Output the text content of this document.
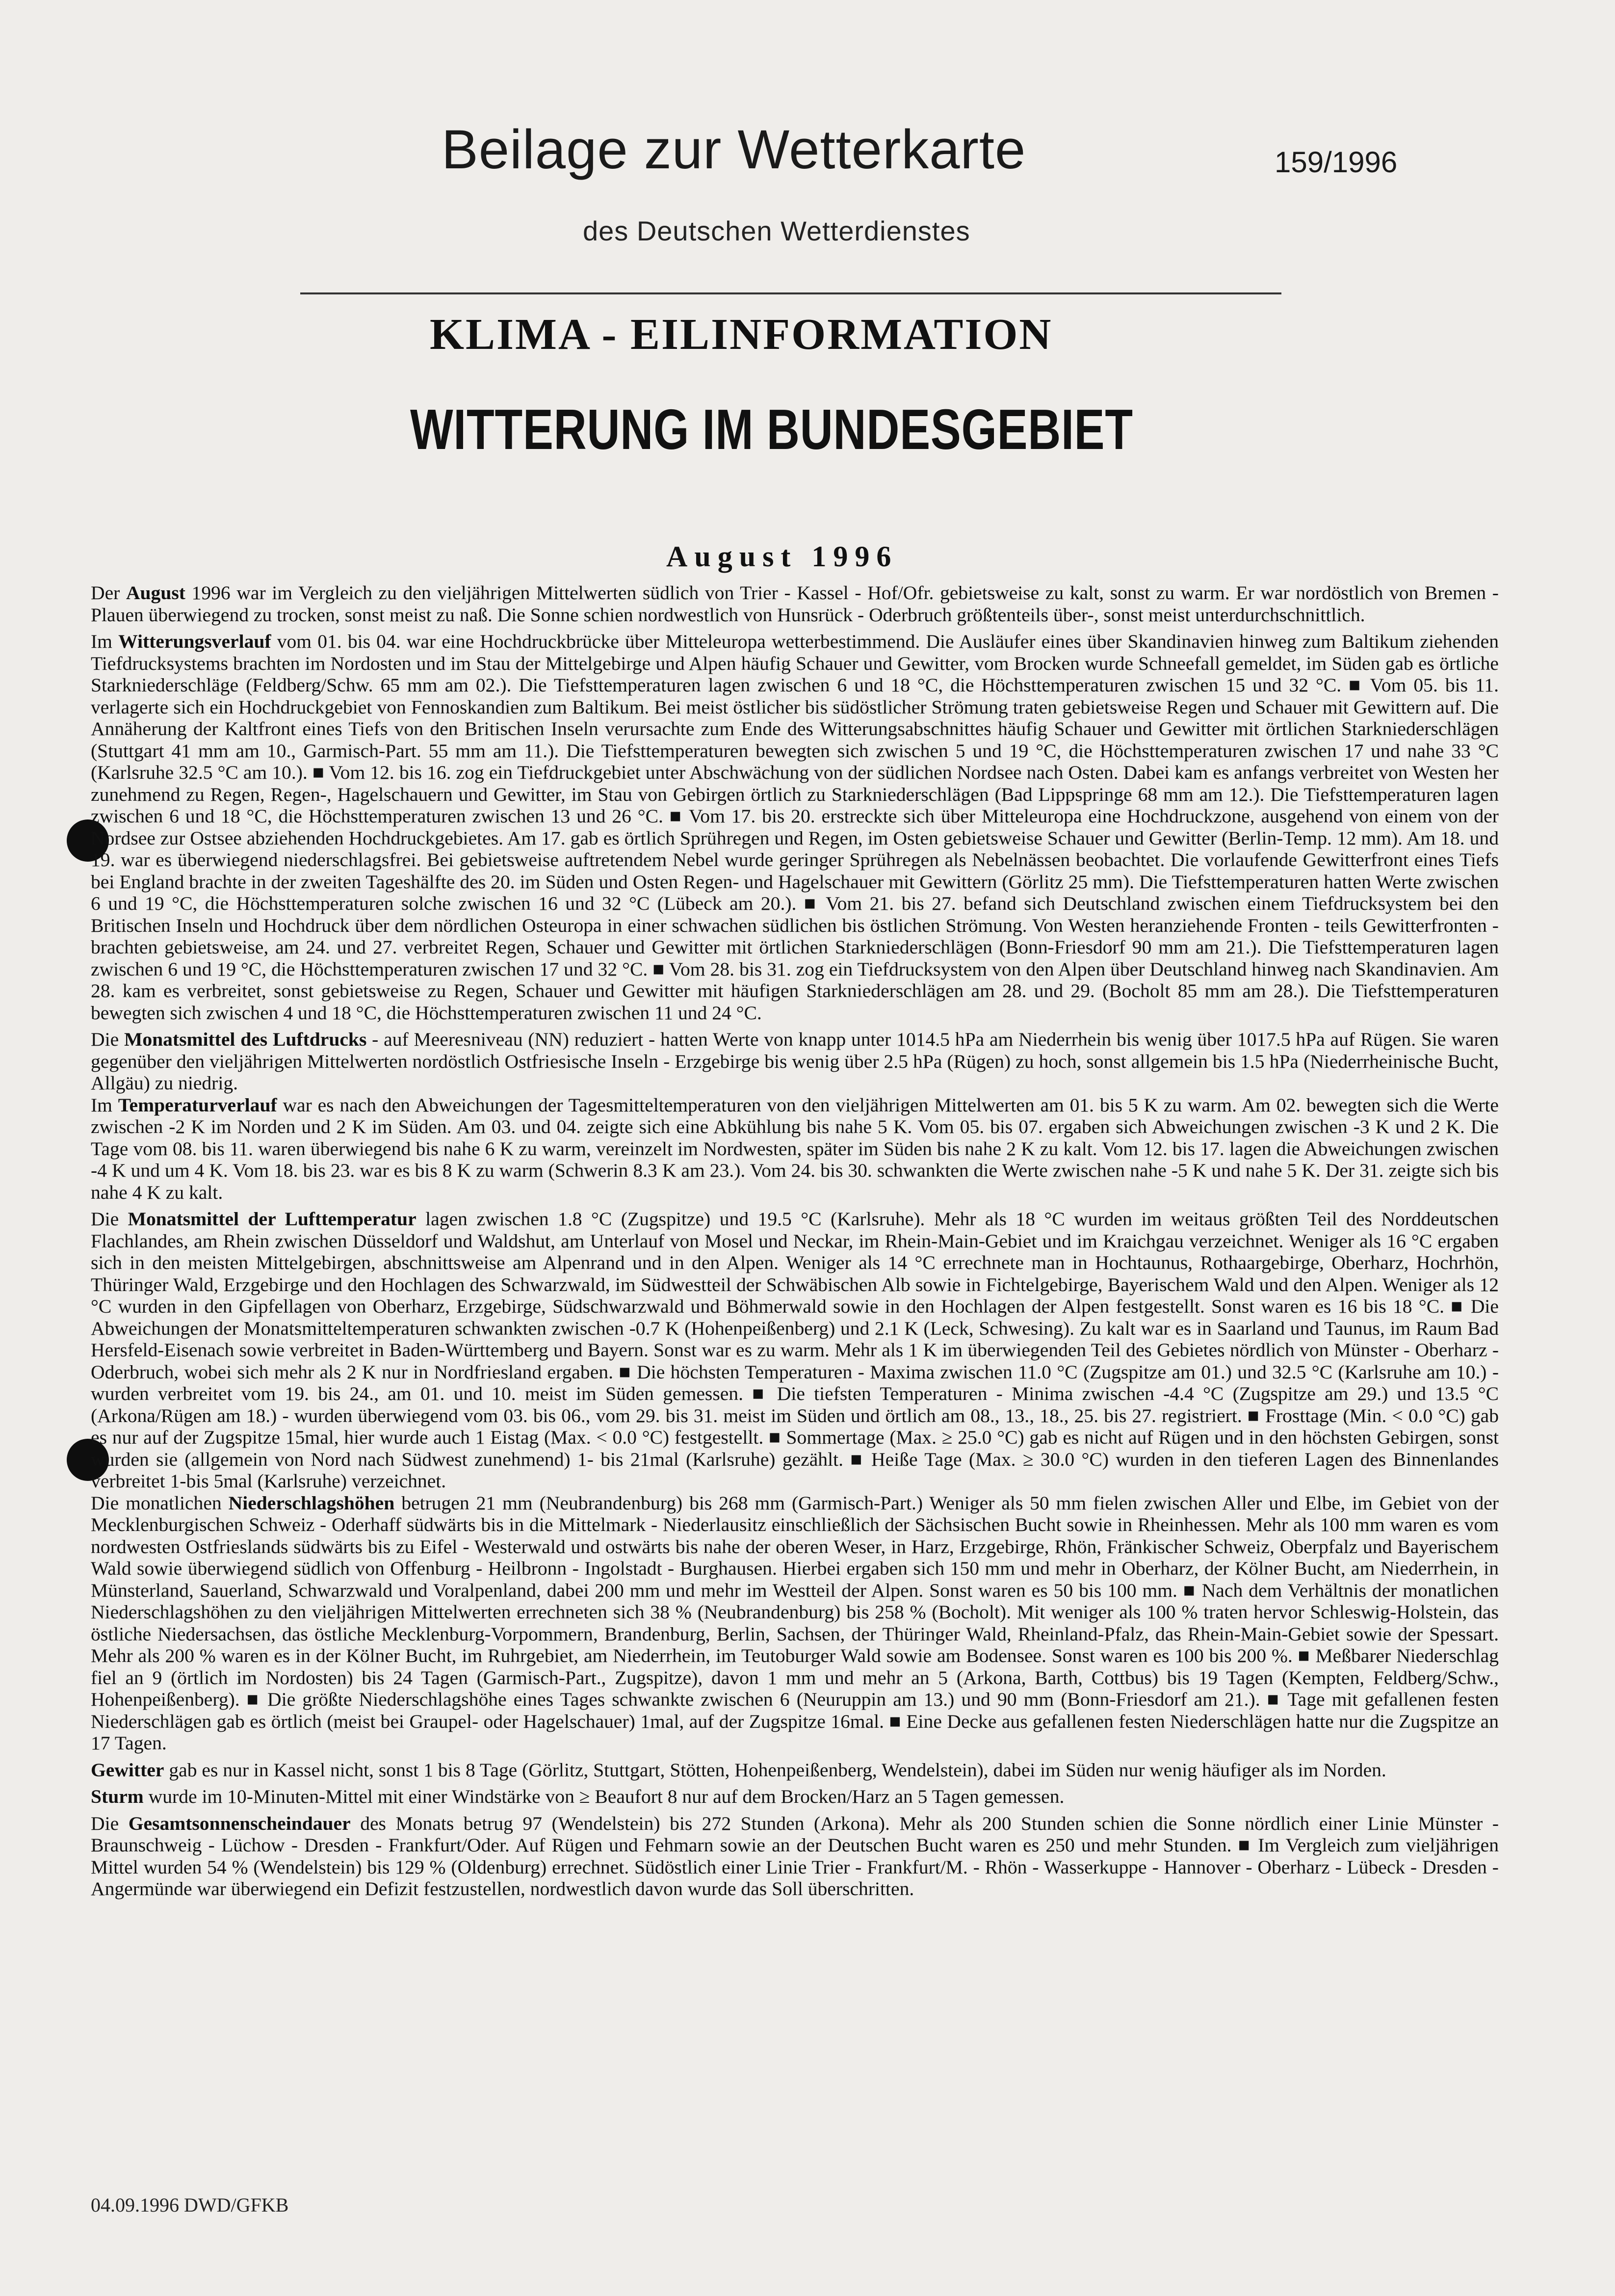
Beilage zur Wetterkarte	159/1996
des Deutschen Wetterdienstes
KLIMA - EILINFORMATION
WITTERUNG IM BUNDESGEBIET
August 1996

Der August 1996 war im Vergleich zu den vieljährigen Mittelwerten südlich von Trier - Kassel - Hof/Ofr. gebietsweise zu kalt, sonst zu warm. Er war nordöstlich von Bremen - Plauen überwiegend zu trocken, sonst meist zu naß. Die Sonne schien nordwestlich von Hunsrück - Oderbruch größtenteils über-, sonst meist unterdurchschnittlich.

Im Witterungsverlauf vom 01. bis 04. war eine Hochdruckbrücke über Mitteleuropa wetterbestimmend. Die Ausläufer eines über Skandinavien hinweg zum Baltikum ziehenden Tiefdrucksystems brachten im Nordosten und im Stau der Mittelgebirge und Alpen häufig Schauer und Gewitter, vom Brocken wurde Schneefall gemeldet, im Süden gab es örtliche Starkniederschläge (Feldberg/Schw. 65 mm am 02.). Die Tiefsttemperaturen lagen zwischen 6 und 18 °C, die Höchsttemperaturen zwischen 15 und 32 °C. ■ Vom 05. bis 11. verlagerte sich ein Hochdruckgebiet von Fennoskandien zum Baltikum. Bei meist östlicher bis südöstlicher Strömung traten gebietsweise Regen und Schauer mit Gewittern auf. Die Annäherung der Kaltfront eines Tiefs von den Britischen Inseln verursachte zum Ende des Witterungsabschnittes häufig Schauer und Gewitter mit örtlichen Starkniederschlägen (Stuttgart 41 mm am 10., Garmisch-Part. 55 mm am 11.). Die Tiefsttemperaturen bewegten sich zwischen 5 und 19 °C, die Höchsttemperaturen zwischen 17 und nahe 33 °C (Karlsruhe 32.5 °C am 10.). ■ Vom 12. bis 16. zog ein Tiefdruckgebiet unter Abschwächung von der südlichen Nordsee nach Osten. Dabei kam es anfangs verbreitet von Westen her zunehmend zu Regen, Regen-, Hagelschauern und Gewitter, im Stau von Gebirgen örtlich zu Starkniederschlägen (Bad Lippspringe 68 mm am 12.). Die Tiefsttemperaturen lagen zwischen 6 und 18 °C, die Höchsttemperaturen zwischen 13 und 26 °C. ■ Vom 17. bis 20. erstreckte sich über Mitteleuropa eine Hochdruckzone, ausgehend von einem von der Nordsee zur Ostsee abziehenden Hochdruckgebietes. Am 17. gab es örtlich Sprühregen und Regen, im Osten gebietsweise Schauer und Gewitter (Berlin-Temp. 12 mm). Am 18. und 19. war es überwiegend niederschlagsfrei. Bei gebietsweise auftretendem Nebel wurde geringer Sprühregen als Nebelnässen beobachtet. Die vorlaufende Gewitterfront eines Tiefs bei England brachte in der zweiten Tageshälfte des 20. im Süden und Osten Regen- und Hagelschauer mit Gewittern (Görlitz 25 mm). Die Tiefsttemperaturen hatten Werte zwischen 6 und 19 °C, die Höchsttemperaturen solche zwischen 16 und 32 °C (Lübeck am 20.). ■ Vom 21. bis 27. befand sich Deutschland zwischen einem Tiefdrucksystem bei den Britischen Inseln und Hochdruck über dem nördlichen Osteuropa in einer schwachen südlichen bis östlichen Strömung. Von Westen heranziehende Fronten - teils Gewitterfronten - brachten gebietsweise, am 24. und 27. verbreitet Regen, Schauer und Gewitter mit örtlichen Starkniederschlägen (Bonn-Friesdorf 90 mm am 21.). Die Tiefsttemperaturen lagen zwischen 6 und 19 °C, die Höchsttemperaturen zwischen 17 und 32 °C. ■ Vom 28. bis 31. zog ein Tiefdrucksystem von den Alpen über Deutschland hinweg nach Skandinavien. Am 28. kam es verbreitet, sonst gebietsweise zu Regen, Schauer und Gewitter mit häufigen Starkniederschlägen am 28. und 29. (Bocholt 85 mm am 28.). Die Tiefsttemperaturen bewegten sich zwischen 4 und 18 °C, die Höchsttemperaturen zwischen 11 und 24 °C.

Die Monatsmittel des Luftdrucks - auf Meeresniveau (NN) reduziert - hatten Werte von knapp unter 1014.5 hPa am Niederrhein bis wenig über 1017.5 hPa auf Rügen. Sie waren gegenüber den vieljährigen Mittelwerten nordöstlich Ostfriesische Inseln - Erzgebirge bis wenig über 2.5 hPa (Rügen) zu hoch, sonst allgemein bis 1.5 hPa (Niederrheinische Bucht, Allgäu) zu niedrig.

Im Temperaturverlauf war es nach den Abweichungen der Tagesmitteltemperaturen von den vieljährigen Mittelwerten am 01. bis 5 K zu warm. Am 02. bewegten sich die Werte zwischen -2 K im Norden und 2 K im Süden. Am 03. und 04. zeigte sich eine Abkühlung bis nahe 5 K. Vom 05. bis 07. ergaben sich Abweichungen zwischen -3 K und 2 K. Die Tage vom 08. bis 11. waren überwiegend bis nahe 6 K zu warm, vereinzelt im Nordwesten, später im Süden bis nahe 2 K zu kalt. Vom 12. bis 17. lagen die Abweichungen zwischen -4 K und um 4 K. Vom 18. bis 23. war es bis 8 K zu warm (Schwerin 8.3 K am 23.). Vom 24. bis 30. schwankten die Werte zwischen nahe -5 K und nahe 5 K. Der 31. zeigte sich bis nahe 4 K zu kalt.

Die Monatsmittel der Lufttemperatur lagen zwischen 1.8 °C (Zugspitze) und 19.5 °C (Karlsruhe). Mehr als 18 °C wurden im weitaus größten Teil des Norddeutschen Flachlandes, am Rhein zwischen Düsseldorf und Waldshut, am Unterlauf von Mosel und Neckar, im Rhein-Main-Gebiet und im Kraichgau verzeichnet. Weniger als 16 °C ergaben sich in den meisten Mittelgebirgen, abschnittsweise am Alpenrand und in den Alpen. Weniger als 14 °C errechnete man in Hochtaunus, Rothaargebirge, Oberharz, Hochrhön, Thüringer Wald, Erzgebirge und den Hochlagen des Schwarzwald, im Südwestteil der Schwäbischen Alb sowie in Fichtelgebirge, Bayerischem Wald und den Alpen. Weniger als 12 °C wurden in den Gipfellagen von Oberharz, Erzgebirge, Südschwarzwald und Böhmerwald sowie in den Hochlagen der Alpen festgestellt. Sonst waren es 16 bis 18 °C. ■ Die Abweichungen der Monatsmitteltemperaturen schwankten zwischen -0.7 K (Hohenpeißenberg) und 2.1 K (Leck, Schwesing). Zu kalt war es in Saarland und Taunus, im Raum Bad Hersfeld-Eisenach sowie verbreitet in Baden-Württemberg und Bayern. Sonst war es zu warm. Mehr als 1 K im überwiegenden Teil des Gebietes nördlich von Münster - Oberharz - Oderbruch, wobei sich mehr als 2 K nur in Nordfriesland ergaben. ■ Die höchsten Temperaturen - Maxima zwischen 11.0 °C (Zugspitze am 01.) und 32.5 °C (Karlsruhe am 10.) - wurden verbreitet vom 19. bis 24., am 01. und 10. meist im Süden gemessen. ■ Die tiefsten Temperaturen - Minima zwischen -4.4 °C (Zugspitze am 29.) und 13.5 °C (Arkona/Rügen am 18.) - wurden überwiegend vom 03. bis 06., vom 29. bis 31. meist im Süden und örtlich am 08., 13., 18., 25. bis 27. registriert. ■ Frosttage (Min. < 0.0 °C) gab es nur auf der Zugspitze 15mal, hier wurde auch 1 Eistag (Max. < 0.0 °C) festgestellt. ■ Sommertage (Max. ≥ 25.0 °C) gab es nicht auf Rügen und in den höchsten Gebirgen, sonst wurden sie (allgemein von Nord nach Südwest zunehmend) 1- bis 21mal (Karlsruhe) gezählt. ■ Heiße Tage (Max. ≥ 30.0 °C) wurden in den tieferen Lagen des Binnenlandes verbreitet 1-bis 5mal (Karlsruhe) verzeichnet.

Die monatlichen Niederschlagshöhen betrugen 21 mm (Neubrandenburg) bis 268 mm (Garmisch-Part.) Weniger als 50 mm fielen zwischen Aller und Elbe, im Gebiet von der Mecklenburgischen Schweiz - Oderhaff südwärts bis in die Mittelmark - Niederlausitz einschließlich der Sächsischen Bucht sowie in Rheinhessen. Mehr als 100 mm waren es vom nordwesten Ostfrieslands südwärts bis zu Eifel - Westerwald und ostwärts bis nahe der oberen Weser, in Harz, Erzgebirge, Rhön, Fränkischer Schweiz, Oberpfalz und Bayerischem Wald sowie überwiegend südlich von Offenburg - Heilbronn - Ingolstadt - Burghausen. Hierbei ergaben sich 150 mm und mehr in Oberharz, der Kölner Bucht, am Niederrhein, in Münsterland, Sauerland, Schwarzwald und Voralpenland, dabei 200 mm und mehr im Westteil der Alpen. Sonst waren es 50 bis 100 mm. ■ Nach dem Verhältnis der monatlichen Niederschlagshöhen zu den vieljährigen Mittelwerten errechneten sich 38 % (Neubrandenburg) bis 258 % (Bocholt). Mit weniger als 100 % traten hervor Schleswig-Holstein, das östliche Niedersachsen, das östliche Mecklenburg-Vorpommern, Brandenburg, Berlin, Sachsen, der Thüringer Wald, Rheinland-Pfalz, das Rhein-Main-Gebiet sowie der Spessart. Mehr als 200 % waren es in der Kölner Bucht, im Ruhrgebiet, am Niederrhein, im Teutoburger Wald sowie am Bodensee. Sonst waren es 100 bis 200 %. ■ Meßbarer Niederschlag fiel an 9 (örtlich im Nordosten) bis 24 Tagen (Garmisch-Part., Zugspitze), davon 1 mm und mehr an 5 (Arkona, Barth, Cottbus) bis 19 Tagen (Kempten, Feldberg/Schw., Hohenpeißenberg). ■ Die größte Niederschlagshöhe eines Tages schwankte zwischen 6 (Neuruppin am 13.) und 90 mm (Bonn-Friesdorf am 21.). ■ Tage mit gefallenen festen Niederschlägen gab es örtlich (meist bei Graupel- oder Hagelschauer) 1mal, auf der Zugspitze 16mal. ■ Eine Decke aus gefallenen festen Niederschlägen hatte nur die Zugspitze an 17 Tagen.

Gewitter gab es nur in Kassel nicht, sonst 1 bis 8 Tage (Görlitz, Stuttgart, Stötten, Hohenpeißenberg, Wendelstein), dabei im Süden nur wenig häufiger als im Norden.

Sturm wurde im 10-Minuten-Mittel mit einer Windstärke von ≥ Beaufort 8 nur auf dem Brocken/Harz an 5 Tagen gemessen.

Die Gesamtsonnenscheindauer des Monats betrug 97 (Wendelstein) bis 272 Stunden (Arkona). Mehr als 200 Stunden schien die Sonne nördlich einer Linie Münster - Braunschweig - Lüchow - Dresden - Frankfurt/Oder. Auf Rügen und Fehmarn sowie an der Deutschen Bucht waren es 250 und mehr Stunden. ■ Im Vergleich zum vieljährigen Mittel wurden 54 % (Wendelstein) bis 129 % (Oldenburg) errechnet. Südöstlich einer Linie Trier - Frankfurt/M. - Rhön - Wasserkuppe - Hannover - Oberharz - Lübeck - Dresden - Angermünde war überwiegend ein Defizit festzustellen, nordwestlich davon wurde das Soll überschritten.

04.09.1996 DWD/GFKB
